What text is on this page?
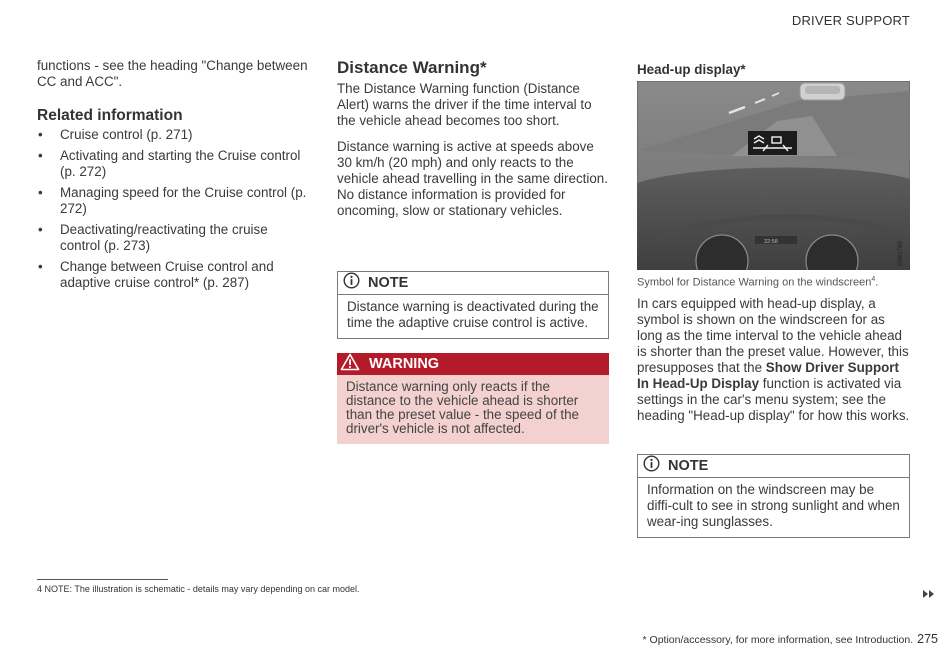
DRIVER SUPPORT

functions - see the heading "Change between CC and ACC".

Related information
• Cruise control (p. 271)
• Activating and starting the Cruise control (p. 272)
• Managing speed for the Cruise control (p. 272)
• Deactivating/reactivating the cruise control (p. 273)
• Change between Cruise control and adaptive cruise control* (p. 287)
Distance Warning*

The Distance Warning function (Distance Alert) warns the driver if the time interval to the vehicle ahead becomes too short.

Distance warning is active at speeds above 30 km/h (20 mph) and only reacts to the vehicle ahead travelling in the same direction. No distance information is provided for oncoming, slow or stationary vehicles.

NOTE
Distance warning is deactivated during the time the adaptive cruise control is active.
WARNING
Distance warning only reacts if the distance to the vehicle ahead is shorter than the preset value - the speed of the driver's vehicle is not affected.
Head-up display*
22:58	G061785
Symbol for Distance Warning on the windscreen$^4$.

In cars equipped with head-up display, a symbol is shown on the windscreen for as long as the time interval to the vehicle ahead is shorter than the preset value. However, this presupposes that the Show Driver Support In Head-Up Display function is activated via settings in the car's menu system; see the heading "Head-up display" for how this works.

NOTE
Information on the windscreen may be diffi-cult to see in strong sunlight and when wear-ing sunglasses.
4 NOTE: The illustration is schematic - details may vary depending on car model.
* Option/accessory, for more information, see Introduction. 275
